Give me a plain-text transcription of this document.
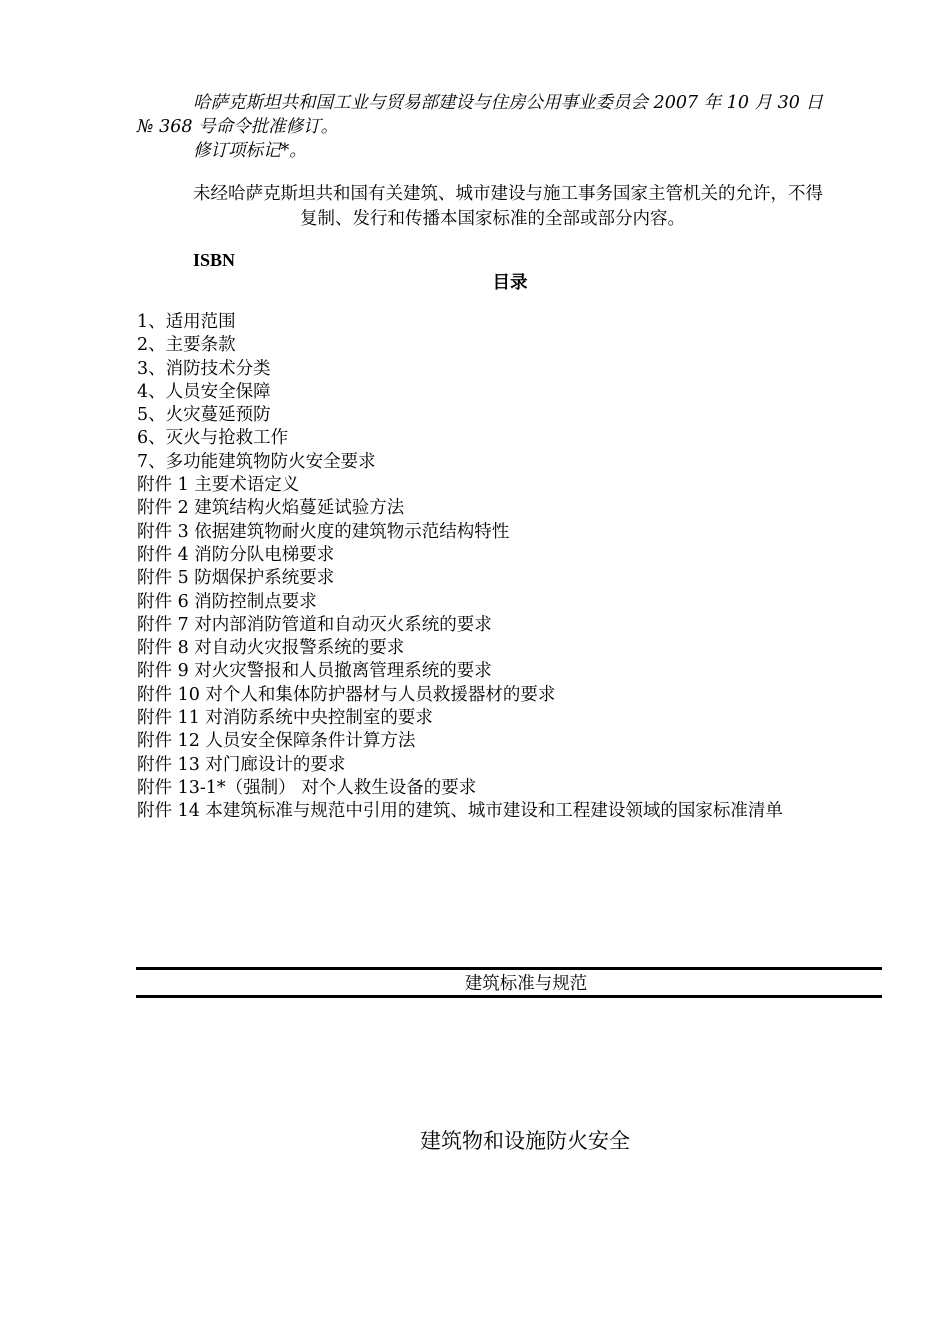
哈萨克斯坦共和国工业与贸易部建设与住房公用事业委员会 2007 年 10 月 30 日

№ 368 号命令批准修订。

修订项标记*。

未经哈萨克斯坦共和国有关建筑、城市建设与施工事务国家主管机关的允许，不得
复制、发行和传播本国家标准的全部或部分内容。
ISBN
目录
1、适用范围
2、主要条款
3、消防技术分类
4、人员安全保障
5、火灾蔓延预防
6、灭火与抢救工作
7、多功能建筑物防火安全要求
附件 1 主要术语定义
附件 2 建筑结构火焰蔓延试验方法
附件 3 依据建筑物耐火度的建筑物示范结构特性
附件 4 消防分队电梯要求
附件 5 防烟保护系统要求
附件 6 消防控制点要求
附件 7 对内部消防管道和自动灭火系统的要求
附件 8 对自动火灾报警系统的要求
附件 9 对火灾警报和人员撤离管理系统的要求
附件 10 对个人和集体防护器材与人员救援器材的要求
附件 11 对消防系统中央控制室的要求
附件 12 人员安全保障条件计算方法
附件 13 对门廊设计的要求
附件 13-1*（强制） 对个人救生设备的要求
附件 14 本建筑标准与规范中引用的建筑、城市建设和工程建设领域的国家标准清单
建筑标准与规范
建筑物和设施防火安全
